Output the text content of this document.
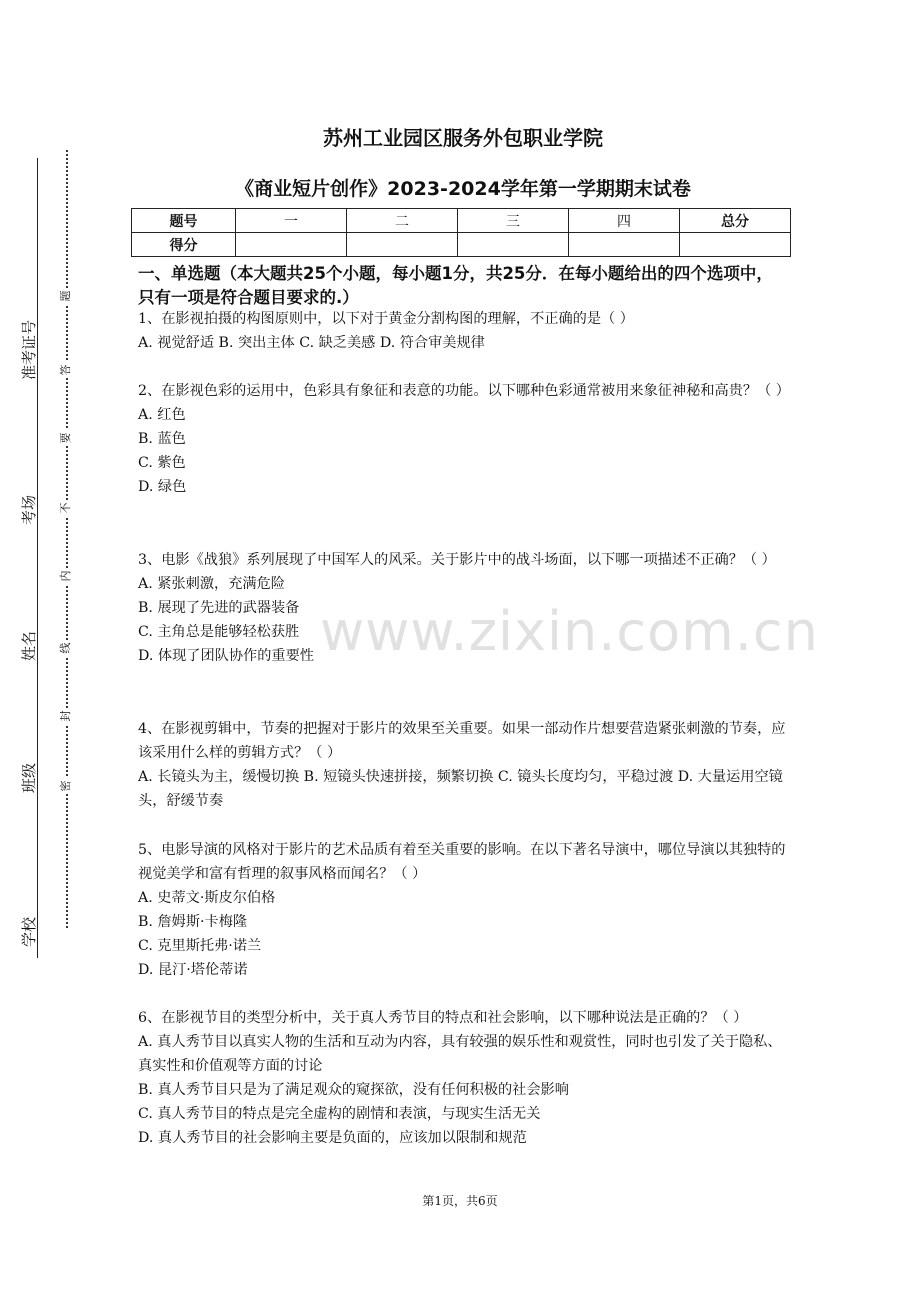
准考证号
考场
姓名
班级
学校
题
答
要
不
内
线
封
密
www.zixin.com.cn
苏州工业园区服务外包职业学院
《商业短片创作》2023-2024学年第一学期期末试卷
题号	一	二	三	四	总分
得分					
一、单选题（本大题共25个小题，每小题1分，共25分．在每小题给出的四个选项中，只有一项是符合题目要求的.）

1、在影视拍摄的构图原则中，以下对于黄金分割构图的理解，不正确的是（ ）

A. 视觉舒适 B. 突出主体 C. 缺乏美感 D. 符合审美规律

2、在影视色彩的运用中，色彩具有象征和表意的功能。以下哪种色彩通常被用来象征神秘和高贵？（ ）

A. 红色

B. 蓝色

C. 紫色

D. 绿色

3、电影《战狼》系列展现了中国军人的风采。关于影片中的战斗场面，以下哪一项描述不正确？（ ）

A. 紧张刺激，充满危险

B. 展现了先进的武器装备

C. 主角总是能够轻松获胜

D. 体现了团队协作的重要性

4、在影视剪辑中，节奏的把握对于影片的效果至关重要。如果一部动作片想要营造紧张刺激的节奏，应该采用什么样的剪辑方式？（ ）

A. 长镜头为主，缓慢切换 B. 短镜头快速拼接，频繁切换 C. 镜头长度均匀，平稳过渡 D. 大量运用空镜头，舒缓节奏

5、电影导演的风格对于影片的艺术品质有着至关重要的影响。在以下著名导演中，哪位导演以其独特的视觉美学和富有哲理的叙事风格而闻名？（ ）

A. 史蒂文·斯皮尔伯格

B. 詹姆斯·卡梅隆

C. 克里斯托弗·诺兰

D. 昆汀·塔伦蒂诺

6、在影视节目的类型分析中，关于真人秀节目的特点和社会影响，以下哪种说法是正确的？（ ）

A. 真人秀节目以真实人物的生活和互动为内容，具有较强的娱乐性和观赏性，同时也引发了关于隐私、真实性和价值观等方面的讨论

B. 真人秀节目只是为了满足观众的窥探欲，没有任何积极的社会影响

C. 真人秀节目的特点是完全虚构的剧情和表演，与现实生活无关

D. 真人秀节目的社会影响主要是负面的，应该加以限制和规范

第1页，共6页
